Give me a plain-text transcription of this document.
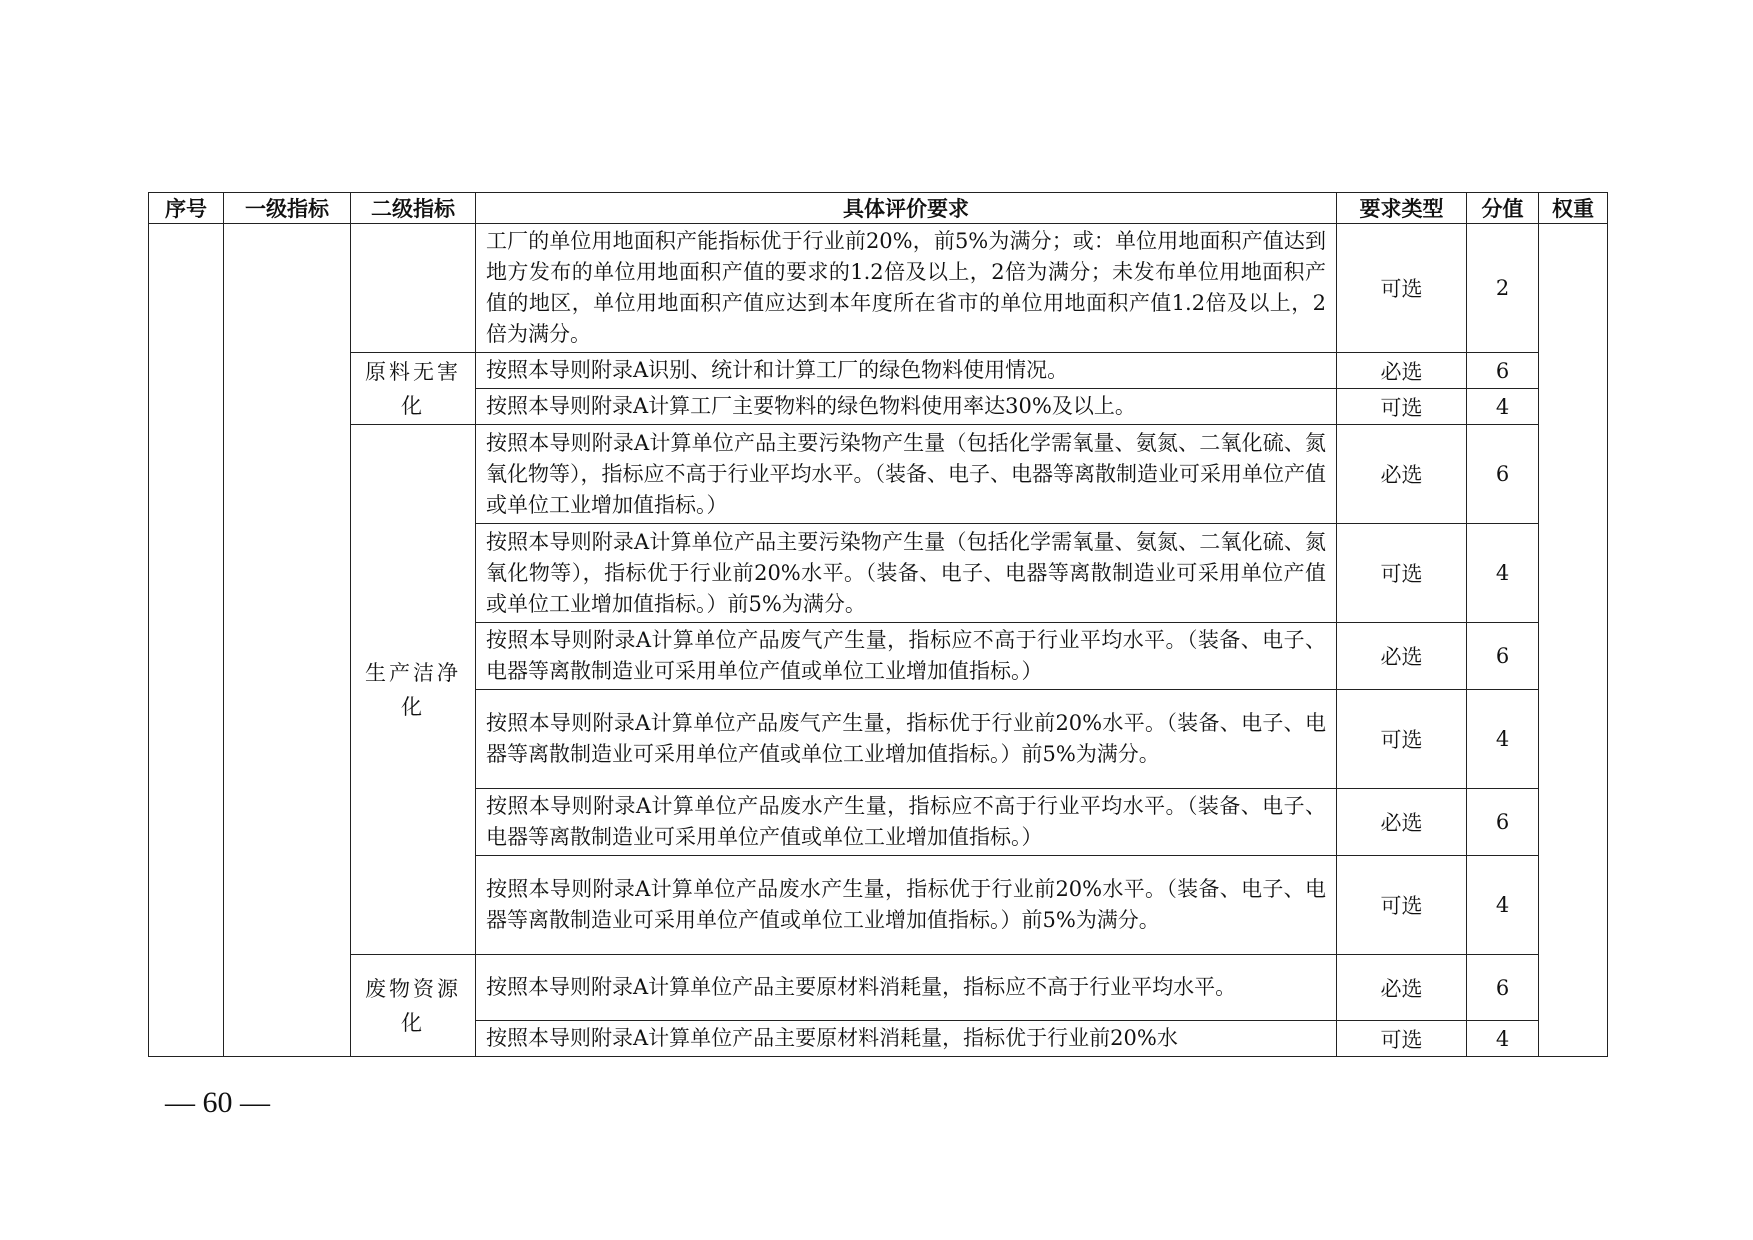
序号	一级指标	二级指标	具体评价要求	要求类型	分值	权重
			工厂的单位用地面积产能指标优于行业前20%，前5%为满分；或：单位用地面积产值达到地方发布的单位用地面积产值的要求的1.2倍及以上，2倍为满分；未发布单位用地面积产值的地区，单位用地面积产值应达到本年度所在省市的单位用地面积产值1.2倍及以上，2倍为满分。	可选	2	
		原料无害化	按照本导则附录A识别、统计和计算工厂的绿色物料使用情况。	必选	6	
			按照本导则附录A计算工厂主要物料的绿色物料使用率达30%及以上。	可选	4	
		生产洁净化	按照本导则附录A计算单位产品主要污染物产生量（包括化学需氧量、氨氮、二氧化硫、氮氧化物等），指标应不高于行业平均水平。（装备、电子、电器等离散制造业可采用单位产值或单位工业增加值指标。）	必选	6	
			按照本导则附录A计算单位产品主要污染物产生量（包括化学需氧量、氨氮、二氧化硫、氮氧化物等），指标优于行业前20%水平。（装备、电子、电器等离散制造业可采用单位产值或单位工业增加值指标。）前5%为满分。	可选	4	
			按照本导则附录A计算单位产品废气产生量，指标应不高于行业平均水平。（装备、电子、电器等离散制造业可采用单位产值或单位工业增加值指标。）	必选	6	
			按照本导则附录A计算单位产品废气产生量，指标优于行业前20%水平。（装备、电子、电器等离散制造业可采用单位产值或单位工业增加值指标。）前5%为满分。	可选	4	
			按照本导则附录A计算单位产品废水产生量，指标应不高于行业平均水平。（装备、电子、电器等离散制造业可采用单位产值或单位工业增加值指标。）	必选	6	
			按照本导则附录A计算单位产品废水产生量，指标优于行业前20%水平。（装备、电子、电器等离散制造业可采用单位产值或单位工业增加值指标。）前5%为满分。	可选	4	
		废物资源化	按照本导则附录A计算单位产品主要原材料消耗量，指标应不高于行业平均水平。	必选	6	
			按照本导则附录A计算单位产品主要原材料消耗量，指标优于行业前20%水	可选	4	
— 60 —
